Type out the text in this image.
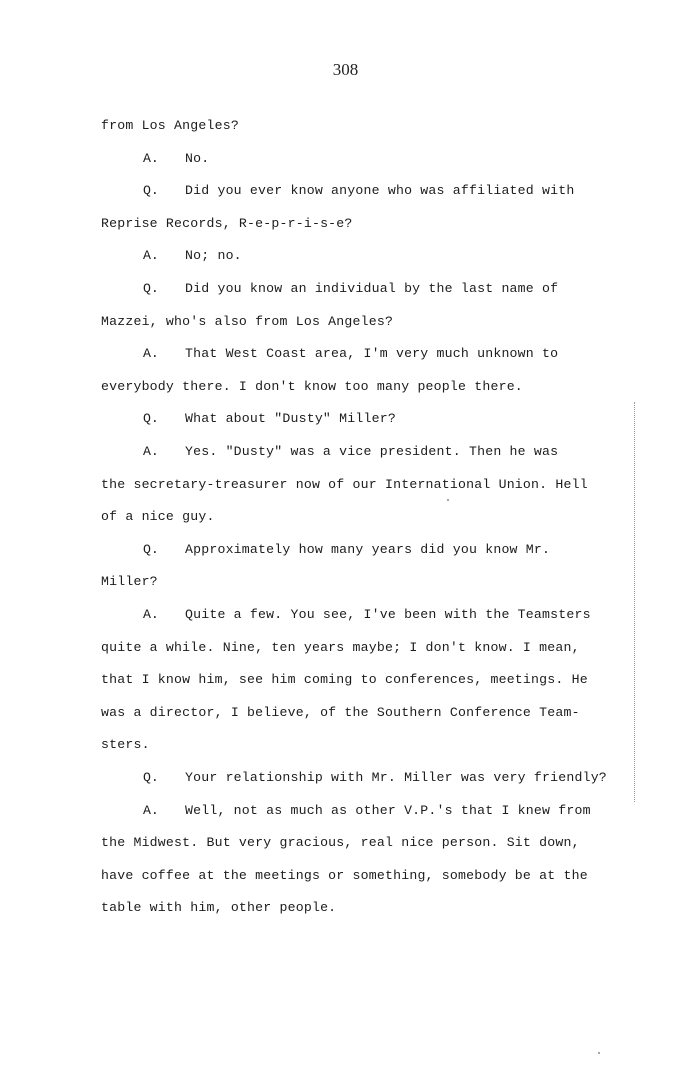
308
from Los Angeles?
A. No.
Q. Did you ever know anyone who was affiliated with
Reprise Records, R-e-p-r-i-s-e?
A. No; no.
Q. Did you know an individual by the last name of
Mazzei, who's also from Los Angeles?
A. That West Coast area, I'm very much unknown to
everybody there. I don't know too many people there.
Q. What about "Dusty" Miller?
A. Yes. "Dusty" was a vice president. Then he was
the secretary-treasurer now of our International Union. Hell
of a nice guy.
Q. Approximately how many years did you know Mr.
Miller?
A. Quite a few. You see, I've been with the Teamsters
quite a while. Nine, ten years maybe; I don't know. I mean,
that I know him, see him coming to conferences, meetings. He
was a director, I believe, of the Southern Conference Team-
sters.
Q. Your relationship with Mr. Miller was very friendly?
A. Well, not as much as other V.P.'s that I knew from
the Midwest. But very gracious, real nice person. Sit down,
have coffee at the meetings or something, somebody be at the
table with him, other people.
